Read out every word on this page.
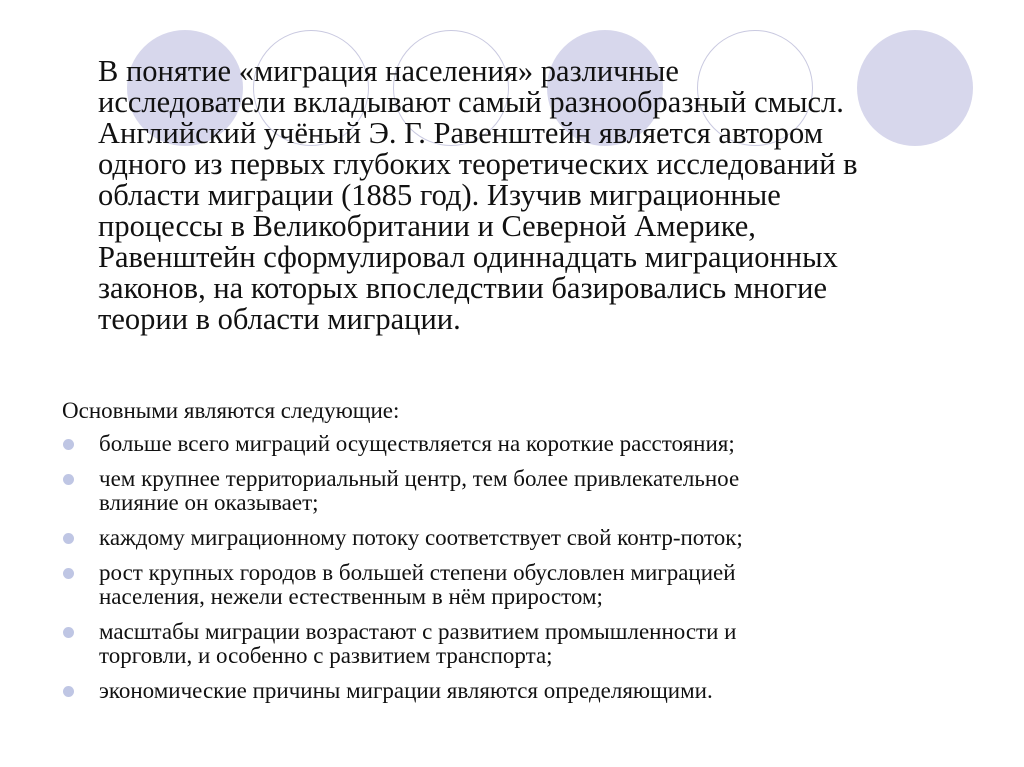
В понятие «миграция населения» различные
исследователи вкладывают самый разнообразный смысл.
Английский учёный Э. Г. Равенштейн является автором
одного из первых глубоких теоретических исследований в
области миграции (1885 год). Изучив миграционные
процессы в Великобритании и Северной Америке,
Равенштейн сформулировал одиннадцать миграционных
законов, на которых впоследствии базировались многие
теории в области миграции.

Основными являются следующие:

больше всего миграций осуществляется на короткие расстояния;
чем крупнее территориальный центр, тем более привлекательное
влияние он оказывает;
каждому миграционному потоку соответствует свой контр-поток;
рост крупных городов в большей степени обусловлен миграцией
населения, нежели естественным в нём приростом;
масштабы миграции возрастают с развитием промышленности и
торговли, и особенно с развитием транспорта;
экономические причины миграции являются определяющими.
